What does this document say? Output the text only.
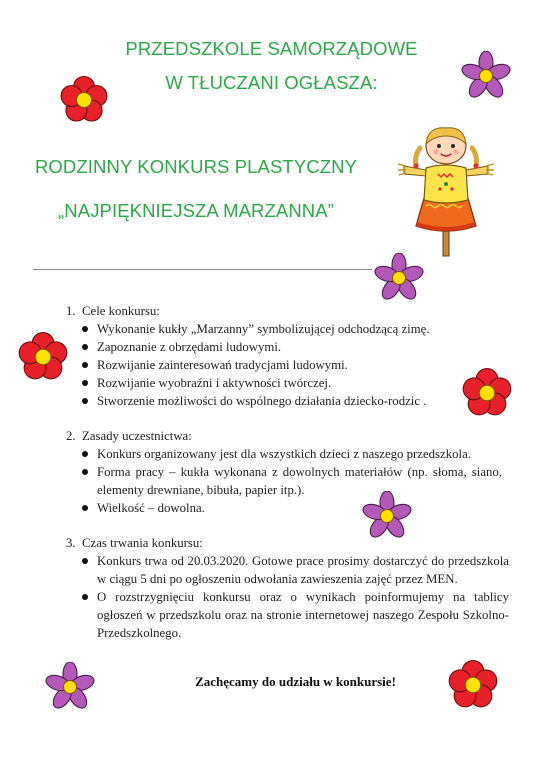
PRZEDSZKOLE SAMORZĄDOWE
W TŁUCZANI OGŁASZA:
RODZINNY KONKURS PLASTYCZNY
„NAJPIĘKNIEJSZA MARZANNA”
1. Cele konkursu:
Wykonanie kukły „Marzanny” symbolizującej odchodzącą zimę.
Zapoznanie z obrzędami ludowymi.
Rozwijanie zainteresowań tradycjami ludowymi.
Rozwijanie wyobraźni i aktywności twórczej.
Stworzenie możliwości do wspólnego działania dziecko-rodzic .
2. Zasady uczestnictwa:
Konkurs organizowany jest dla wszystkich dzieci z naszego przedszkola.
Forma pracy – kukła wykonana z dowolnych materiałów (np. słoma, siano, elementy drewniane, bibuła, papier itp.).
Wielkość – dowolna.
3. Czas trwania konkursu:
Konkurs trwa od 20.03.2020. Gotowe prace prosimy dostarczyć do przedszkola w ciągu 5 dni po ogłoszeniu odwołania zawieszenia zajęć przez MEN.
O rozstrzygnięciu konkursu oraz o wynikach poinformujemy na tablicy ogłoszeń w przedszkolu oraz na stronie internetowej naszego Zespołu Szkolno-Przedszkolnego.
Zachęcamy do udziału w konkursie!
